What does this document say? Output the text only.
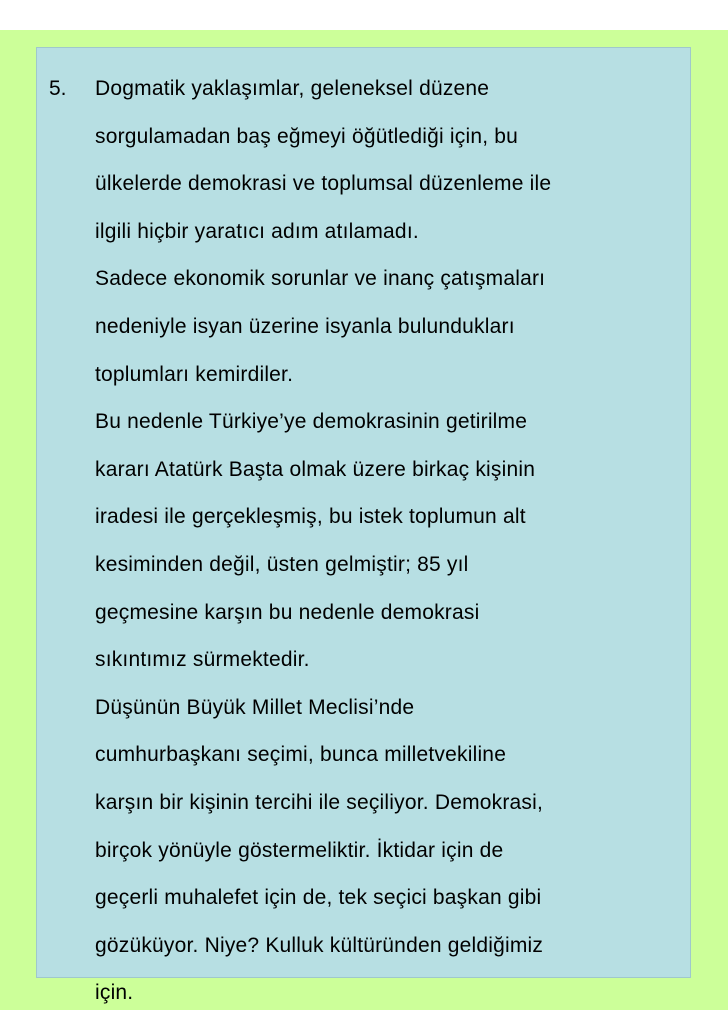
5. Dogmatik yaklaşımlar, geleneksel düzene
sorgulamadan baş eğmeyi öğütlediği için, bu
ülkelerde demokrasi ve toplumsal düzenleme ile
ilgili hiçbir yaratıcı adım atılamadı.
Sadece ekonomik sorunlar ve inanç çatışmaları
nedeniyle isyan üzerine isyanla bulundukları
toplumları kemirdiler.
Bu nedenle Türkiye’ye demokrasinin getirilme
kararı Atatürk Başta olmak üzere birkaç kişinin
iradesi ile gerçekleşmiş, bu istek toplumun alt
kesiminden değil, üsten gelmiştir; 85 yıl
geçmesine karşın bu nedenle demokrasi
sıkıntımız sürmektedir.
Düşünün Büyük Millet Meclisi’nde
cumhurbaşkanı seçimi, bunca milletvekiline
karşın bir kişinin tercihi ile seçiliyor. Demokrasi,
birçok yönüyle göstermeliktir. İktidar için de
geçerli muhalefet için de, tek seçici başkan gibi
gözüküyor. Niye? Kulluk kültüründen geldiğimiz
için.
